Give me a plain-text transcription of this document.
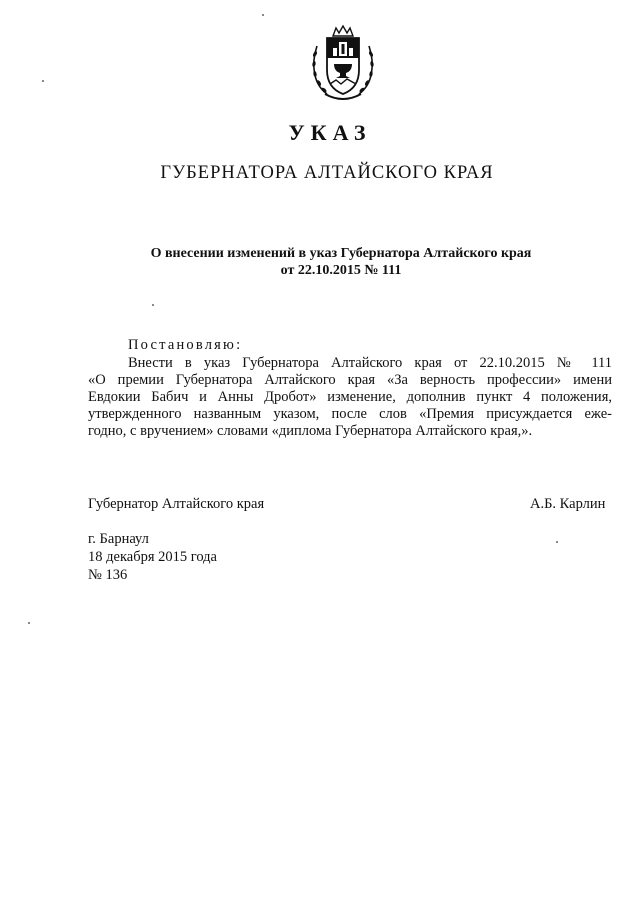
УКАЗ
ГУБЕРНАТОРА АЛТАЙСКОГО КРАЯ
О внесении изменений в указ Губернатора Алтайского края
от 22.10.2015 № 111
Постановляю:
Внести в указ Губернатора Алтайского края от 22.10.2015 № 111
«О премии Губернатора Алтайского края «За верность профессии» имени
Евдокии Бабич и Анны Дробот» изменение, дополнив пункт 4 положения,
утвержденного названным указом, после слов «Премия присуждается еже-
годно, с вручением» словами «диплома Губернатора Алтайского края,».
Губернатор Алтайского края	А.Б. Карлин
г. Барнаул
18 декабря 2015 года
№ 136
